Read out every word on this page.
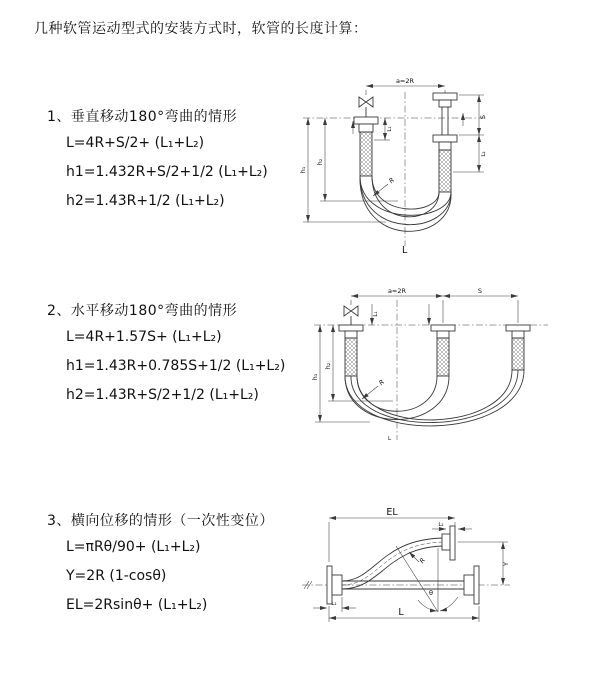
几种软管运动型式的安装方式时，软管的长度计算：
1、垂直移动180°弯曲的情形
L=4R+S/2+ (L₁+L₂)
h1=1.432R+S/2+1/2 (L₁+L₂)
h2=1.43R+1/2 (L₁+L₂)
2、水平移动180°弯曲的情形
L=4R+1.57S+ (L₁+L₂)
h1=1.43R+0.785S+1/2 (L₁+L₂)
h2=1.43R+S/2+1/2 (L₁+L₂)
3、横向位移的情形（一次性变位）
L=πRθ/90+ (L₁+L₂)
Y=2R (1-cosθ)
EL=2Rsinθ+ (L₁+L₂)
a=2R
S
L₂
h₁
h₂
L₁
R
L
a=2R	S
L₁
h₁
h₂
R
L
EL
L₂
Y
R
θ
L₁
L
